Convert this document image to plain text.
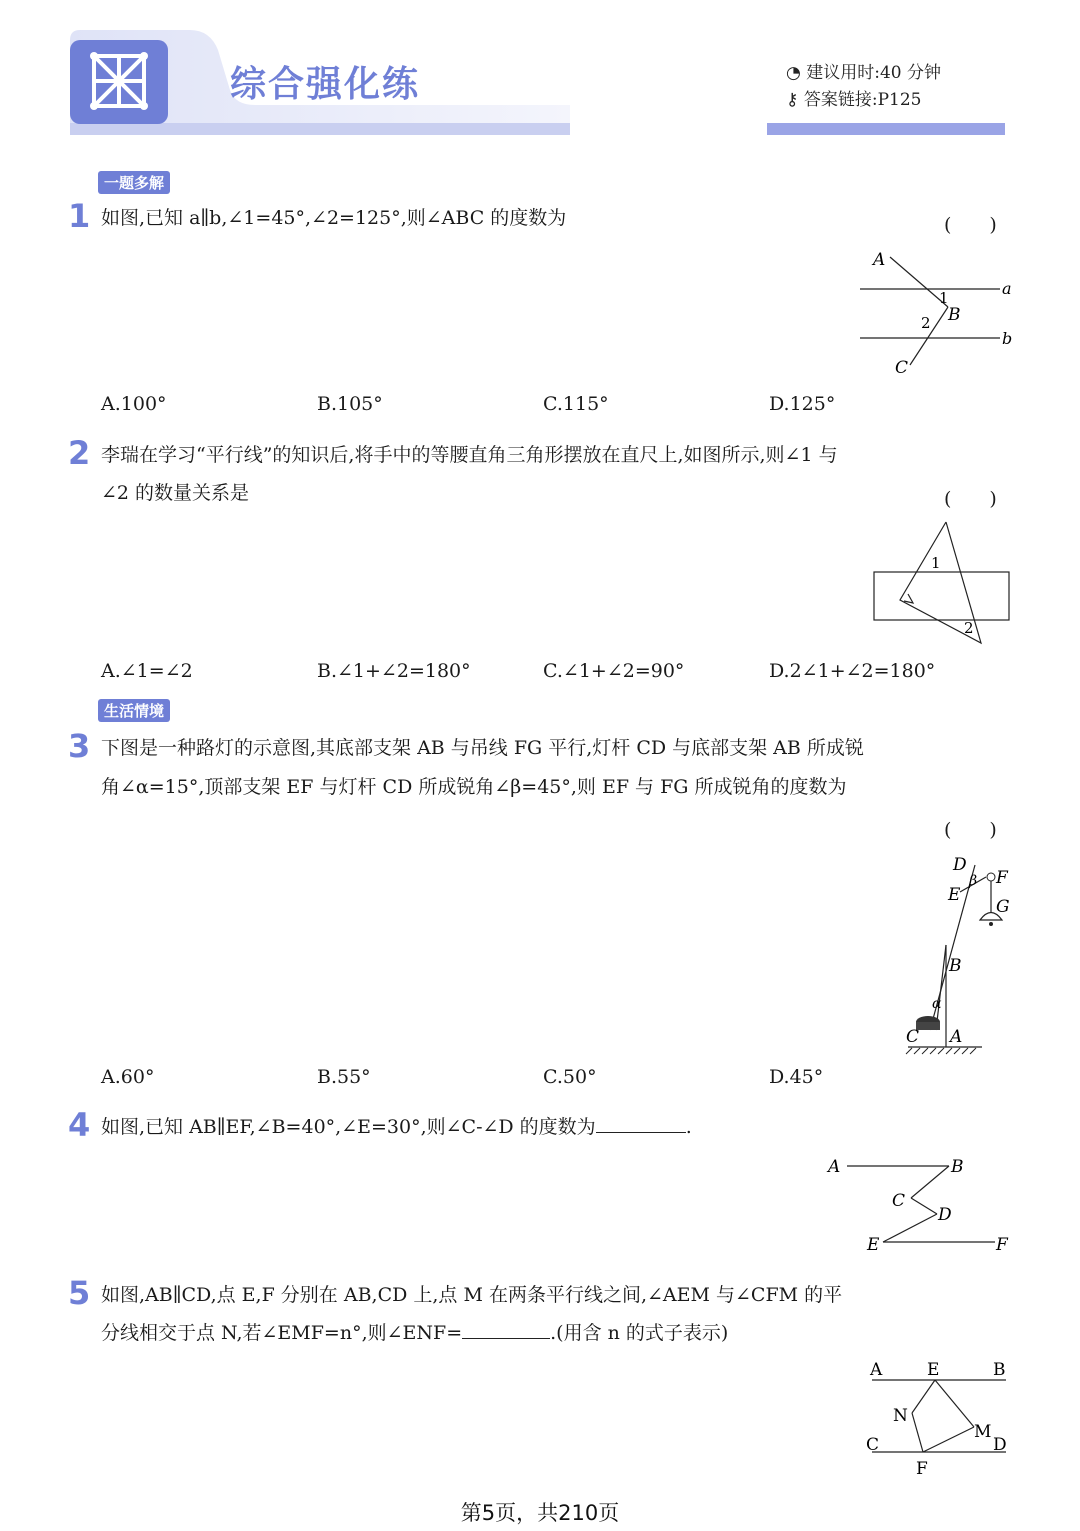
综合强化练	◔ 建议用时:40 分钟
⚷ 答案链接:P125
一题多解
1 如图,已知 a∥b,∠1=45°,∠2=125°,则∠ABC 的度数为	(　　)
A
1
B
2
C
a
b
A.100°	B.105°	C.115°	D.125°
2 李瑞在学习“平行线”的知识后,将手中的等腰直角三角形摆放在直尺上,如图所示,则∠1 与
∠2 的数量关系是	(　　)
1
2
A.∠1=∠2	B.∠1+∠2=180°	C.∠1+∠2=90°	D.2∠1+∠2=180°
生活情境
3 下图是一种路灯的示意图,其底部支架 AB 与吊线 FG 平行,灯杆 CD 与底部支架 AB 所成锐
角∠α=15°,顶部支架 EF 与灯杆 CD 所成锐角∠β=45°,则 EF 与 FG 所成锐角的度数为
(　　)
D
β F
E
G
B
α
C A
A.60°	B.55°	C.50°	D.45°
4 如图,已知 AB∥EF,∠B=40°,∠E=30°,则∠C-∠D 的度数为	.
A	B
C
D
E	F
5 如图,AB∥CD,点 E,F 分别在 AB,CD 上,点 M 在两条平行线之间,∠AEM 与∠CFM 的平
分线相交于点 N,若∠EMF=n°,则∠ENF=	.(用含 n 的式子表示)
A	E	B
N
M
C	D
F
第5页，共210页
